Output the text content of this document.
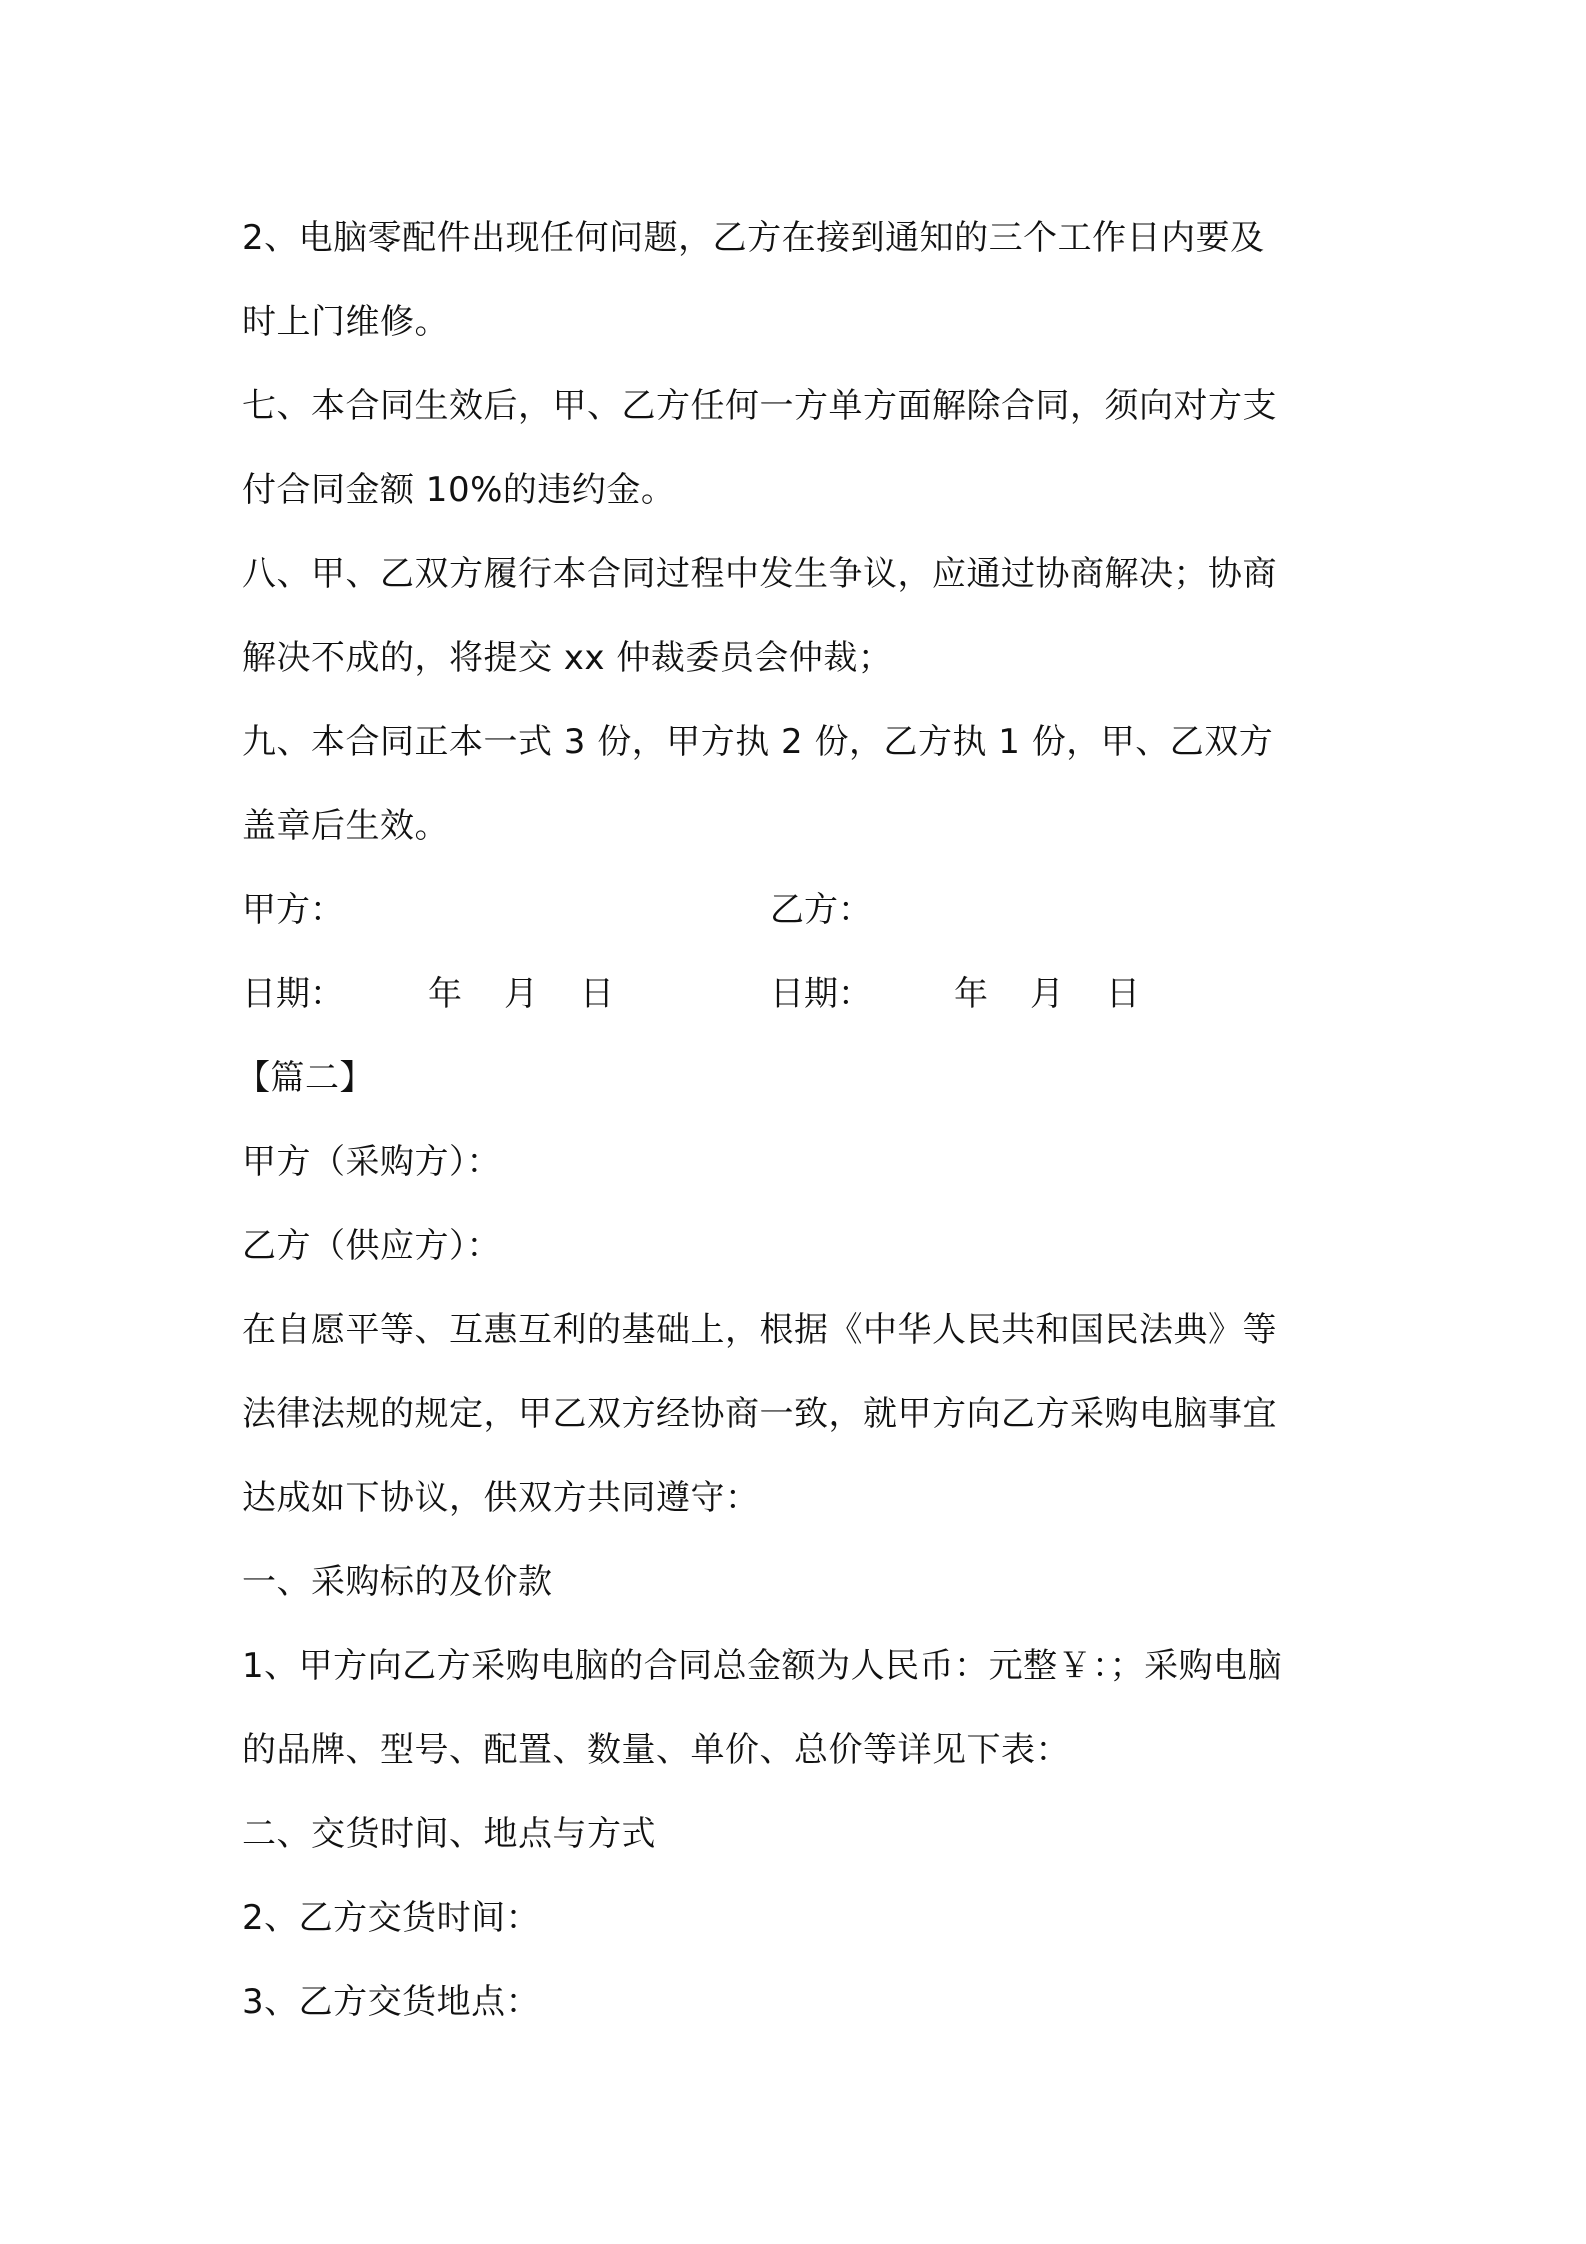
2、电脑零配件出现任何问题，乙方在接到通知的三个工作日内要及
时上门维修。
七、本合同生效后，甲、乙方任何一方单方面解除合同，须向对方支
付合同金额 10%的违约金。
八、甲、乙双方履行本合同过程中发生争议，应通过协商解决；协商
解决不成的，将提交 xx 仲裁委员会仲裁；
九、本合同正本一式 3 份，甲方执 2 份，乙方执 1 份，甲、乙双方
盖章后生效。
甲方：	乙方：
日期： 年 月 日	日期： 年 月 日
【篇二】
甲方（采购方）：
乙方（供应方）：
在自愿平等、互惠互利的基础上，根据《中华人民共和国民法典》等
法律法规的规定，甲乙双方经协商一致，就甲方向乙方采购电脑事宜
达成如下协议，供双方共同遵守：
一、采购标的及价款
1、甲方向乙方采购电脑的合同总金额为人民币：元整￥：；采购电脑
的品牌、型号、配置、数量、单价、总价等详见下表：
二、交货时间、地点与方式
2、乙方交货时间：
3、乙方交货地点：
